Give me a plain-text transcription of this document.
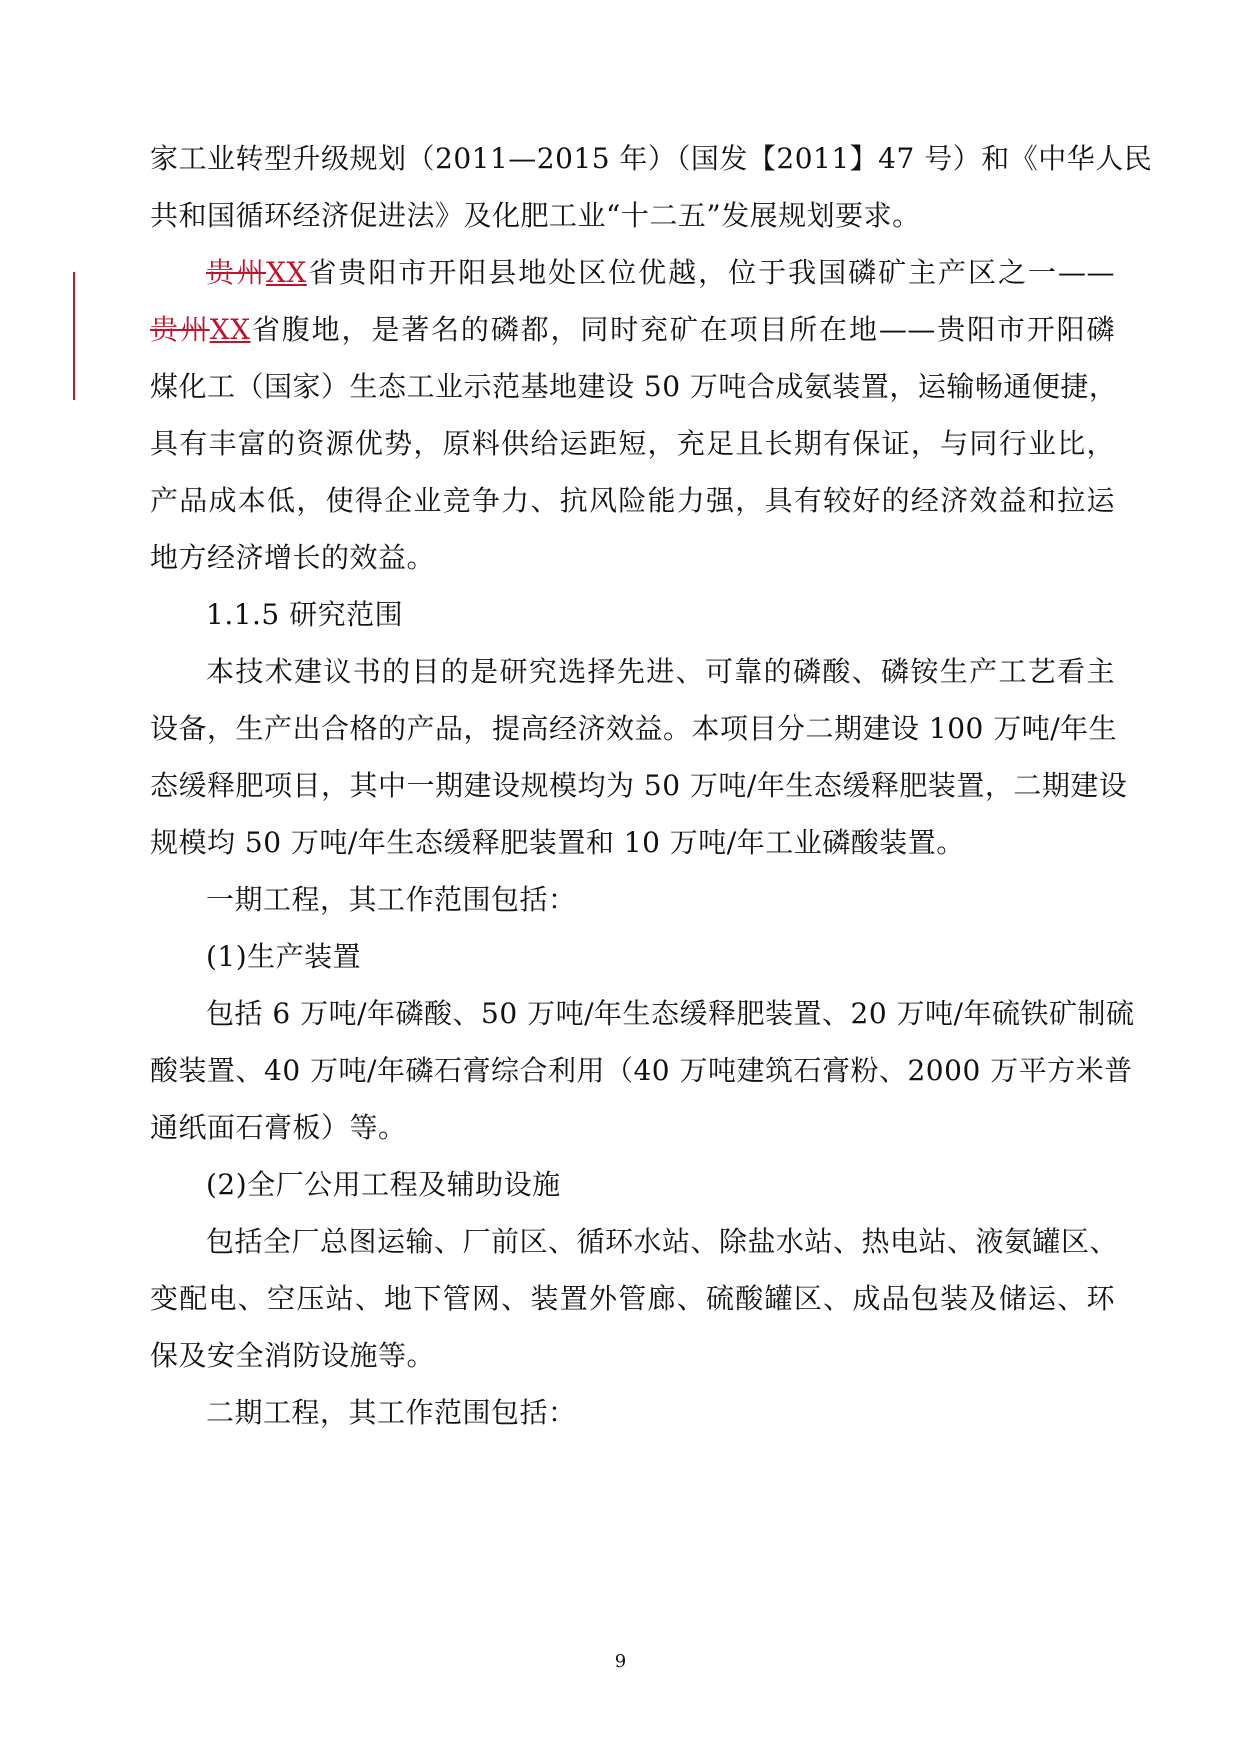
家工业转型升级规划（2011—2015 年）（国发【2011】47 号）和《中华人民
共和国循环经济促进法》及化肥工业“十二五”发展规划要求。
贵州XX省贵阳市开阳县地处区位优越，位于我国磷矿主产区之一——
贵州XX省腹地，是著名的磷都，同时兖矿在项目所在地——贵阳市开阳磷
煤化工（国家）生态工业示范基地建设 50 万吨合成氨装置，运输畅通便捷，
具有丰富的资源优势，原料供给运距短，充足且长期有保证，与同行业比，
产品成本低，使得企业竞争力、抗风险能力强，具有较好的经济效益和拉运
地方经济增长的效益。
1.1.5 研究范围
本技术建议书的目的是研究选择先进、可靠的磷酸、磷铵生产工艺看主
设备，生产出合格的产品，提高经济效益。本项目分二期建设 100 万吨/年生
态缓释肥项目，其中一期建设规模均为 50 万吨/年生态缓释肥装置，二期建设
规模均 50 万吨/年生态缓释肥装置和 10 万吨/年工业磷酸装置。
一期工程，其工作范围包括：
(1)生产装置
包括 6 万吨/年磷酸、50 万吨/年生态缓释肥装置、20 万吨/年硫铁矿制硫
酸装置、40 万吨/年磷石膏综合利用（40 万吨建筑石膏粉、2000 万平方米普
通纸面石膏板）等。
(2)全厂公用工程及辅助设施
包括全厂总图运输、厂前区、循环水站、除盐水站、热电站、液氨罐区、
变配电、空压站、地下管网、装置外管廊、硫酸罐区、成品包装及储运、环
保及安全消防设施等。
二期工程，其工作范围包括：
9
